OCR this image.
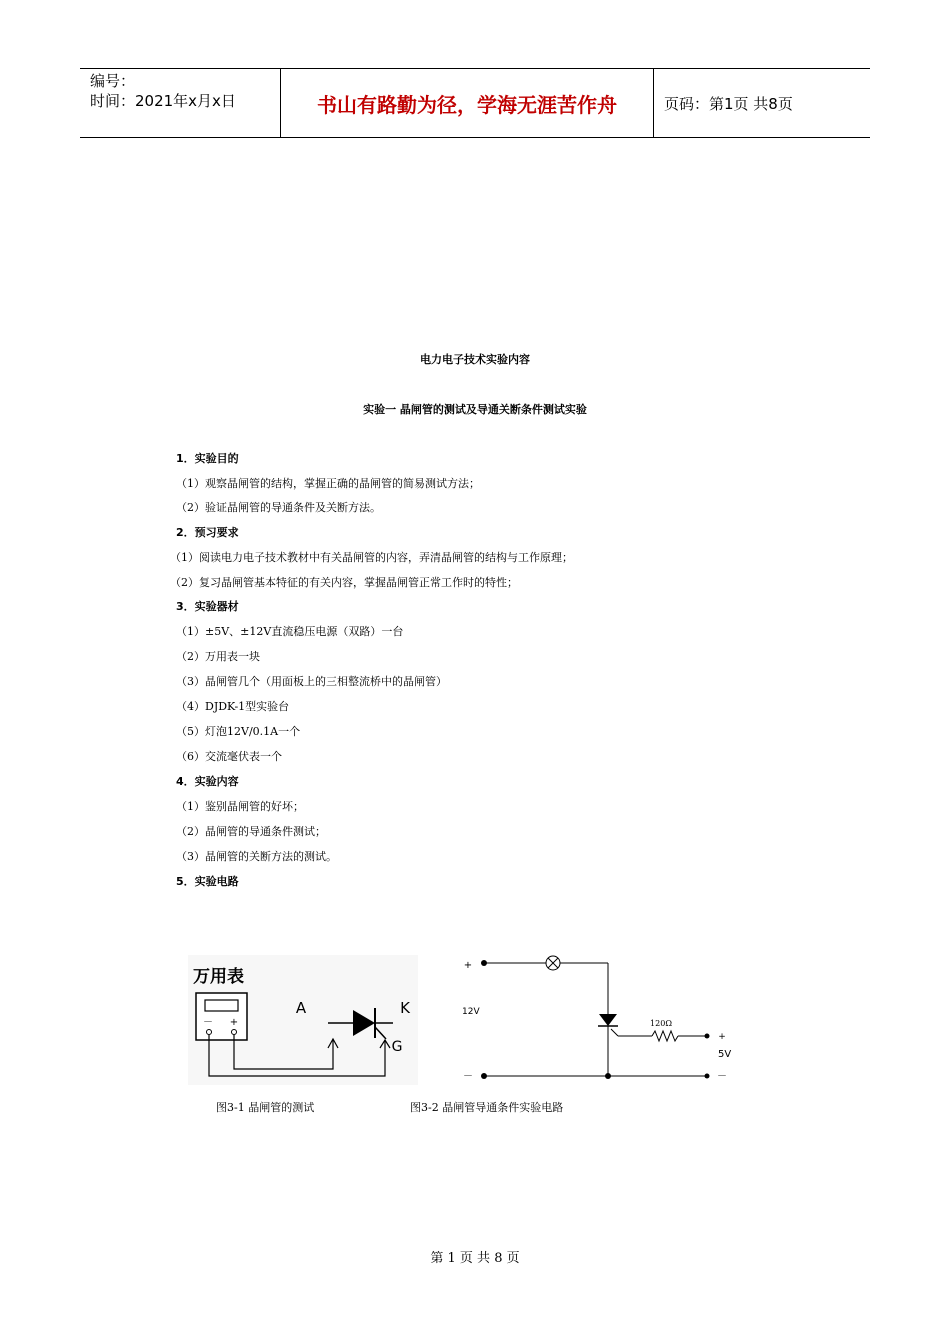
编号：
时间：2021年x月x日	书山有路勤为径，学海无涯苦作舟	页码：第1页 共8页
电力电子技术实验内容
实验一 晶闸管的测试及导通关断条件测试实验
1．实验目的
（1）观察晶闸管的结构，掌握正确的晶闸管的简易测试方法；
（2）验证晶闸管的导通条件及关断方法。
2．预习要求
（1）阅读电力电子技术教材中有关晶闸管的内容，弄清晶闸管的结构与工作原理；
（2）复习晶闸管基本特征的有关内容，掌握晶闸管正常工作时的特性；
3．实验器材
（1）±5V、±12V直流稳压电源（双路）一台
（2）万用表一块
（3）晶闸管几个（用面板上的三相整流桥中的晶闸管）
（4）DJDK-1型实验台
（5）灯泡12V/0.1A一个
（6）交流毫伏表一个
4．实验内容
（1）鉴别晶闸管的好坏；
（2）晶闸管的导通条件测试；
（3）晶闸管的关断方法的测试。
5．实验电路
万用表
－ +
A	K
G
图3-1 晶闸管的测试
+
－
12V
120Ω
+
5V
－
图3-2 晶闸管导通条件实验电路
第 1 页 共 8 页
